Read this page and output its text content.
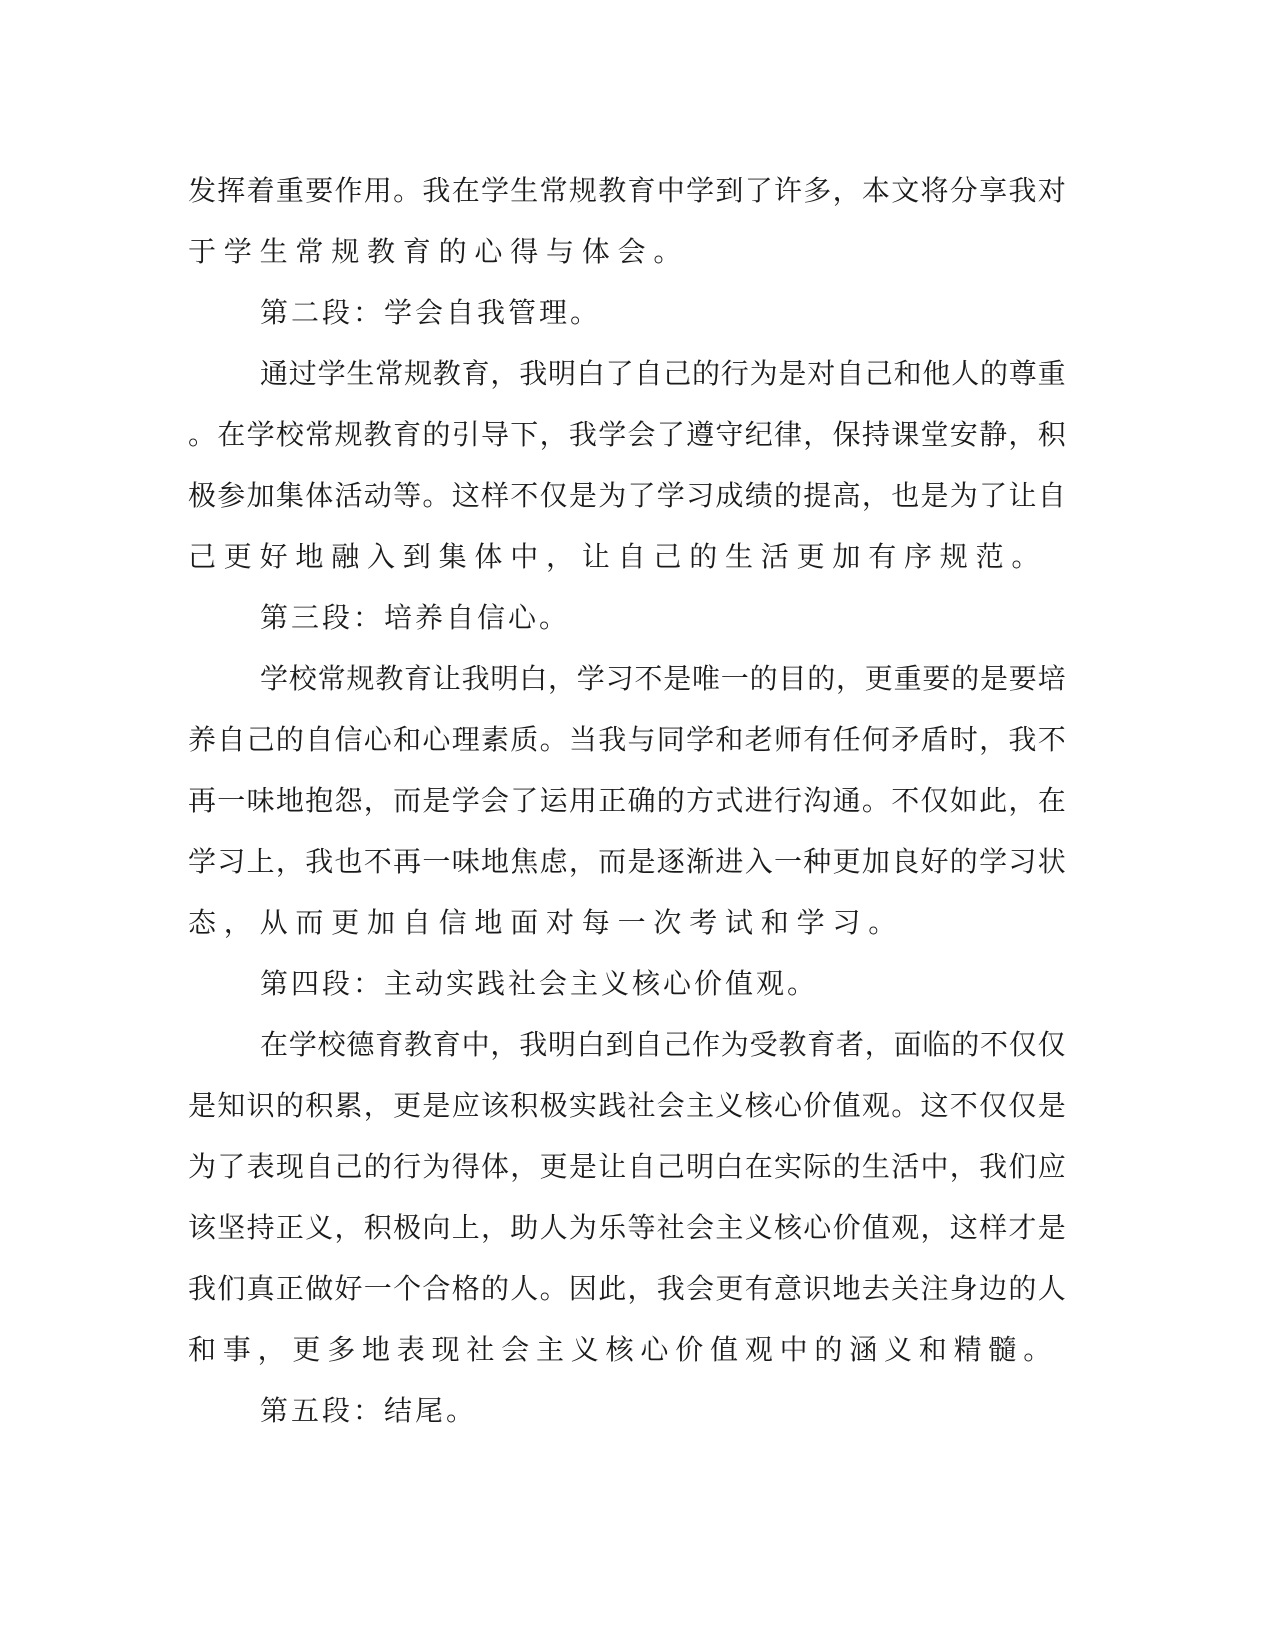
发挥着重要作用。我在学生常规教育中学到了许多，本文将分享我对
于学生常规教育的心得与体会。
第二段：学会自我管理。
通过学生常规教育，我明白了自己的行为是对自己和他人的尊重
。在学校常规教育的引导下，我学会了遵守纪律，保持课堂安静，积
极参加集体活动等。这样不仅是为了学习成绩的提高，也是为了让自
己更好地融入到集体中，让自己的生活更加有序规范。
第三段：培养自信心。
学校常规教育让我明白，学习不是唯一的目的，更重要的是要培
养自己的自信心和心理素质。当我与同学和老师有任何矛盾时，我不
再一味地抱怨，而是学会了运用正确的方式进行沟通。不仅如此，在
学习上，我也不再一味地焦虑，而是逐渐进入一种更加良好的学习状
态，从而更加自信地面对每一次考试和学习。
第四段：主动实践社会主义核心价值观。
在学校德育教育中，我明白到自己作为受教育者，面临的不仅仅
是知识的积累，更是应该积极实践社会主义核心价值观。这不仅仅是
为了表现自己的行为得体，更是让自己明白在实际的生活中，我们应
该坚持正义，积极向上，助人为乐等社会主义核心价值观，这样才是
我们真正做好一个合格的人。因此，我会更有意识地去关注身边的人
和事，更多地表现社会主义核心价值观中的涵义和精髓。
第五段：结尾。
